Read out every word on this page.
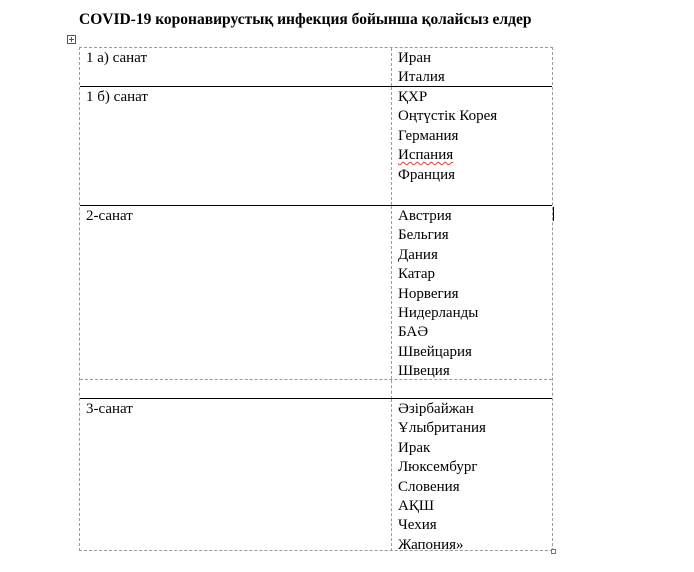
COVID-19 коронавирустық инфекция бойынша қолайсыз елдер
1 а) санат	Иран
Италия
1 б) санат	ҚХР
Оңтүстік Корея
Германия
Испания
Франция
2-санат	Австрия
Бельгия
Дания
Катар
Норвегия
Нидерланды
БАӘ
Швейцария
Швеция
3-санат	Әзірбайжан
Ұлыбритания
Ирак
Люксембург
Словения
АҚШ
Чехия
Жапония»
